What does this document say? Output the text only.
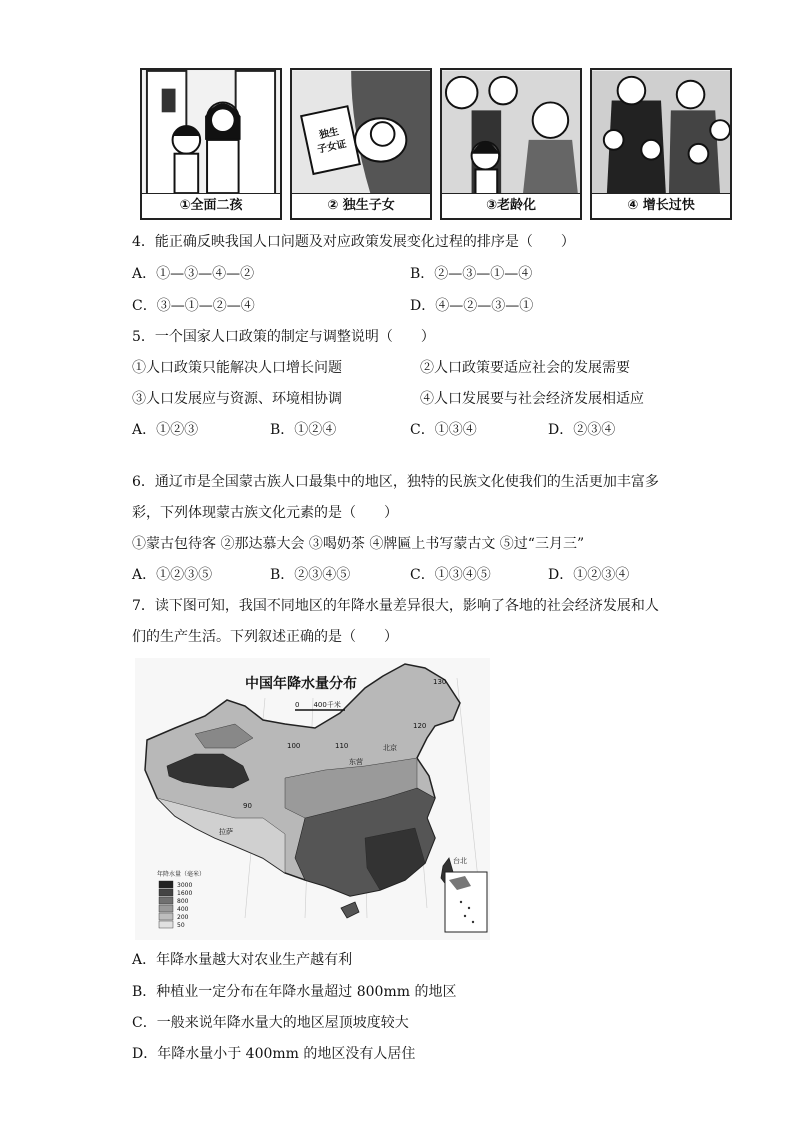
①全面二孩
独生
子女证
② 独生子女	③老龄化	④ 增长过快
4．能正确反映我国人口问题及对应政策发展变化过程的排序是（　　）
A．①—③—④—②	B．②—③—①—④
C．③—①—②—④	D．④—②—③—①
5．一个国家人口政策的制定与调整说明（　　）
①人口政策只能解决人口增长问题	②人口政策要适应社会的发展需要
③人口发展应与资源、环境相协调	④人口发展要与社会经济发展相适应
A．①②③	B．①②④	C．①③④	D．②③④
6．通辽市是全国蒙古族人口最集中的地区，独特的民族文化使我们的生活更加丰富多
彩，下列体现蒙古族文化元素的是（　　）
①蒙古包待客 ②那达慕大会 ③喝奶茶 ④牌匾上书写蒙古文 ⑤过“三月三”
A．①②③⑤	B．②③④⑤	C．①③④⑤	D．①②③④
7．读下图可知，我国不同地区的年降水量差异很大，影响了各地的社会经济发展和人
们的生产生活。下列叙述正确的是（　　）
中国年降水量分布
0　　400千米
90
100	110
120
130
东营
北京
拉萨
台北
年降水量（毫米）
3000
1600
800
400
200
50
A．年降水量越大对农业生产越有利
B．种植业一定分布在年降水量超过 800mm 的地区
C．一般来说年降水量大的地区屋顶坡度较大
D．年降水量小于 400mm 的地区没有人居住
